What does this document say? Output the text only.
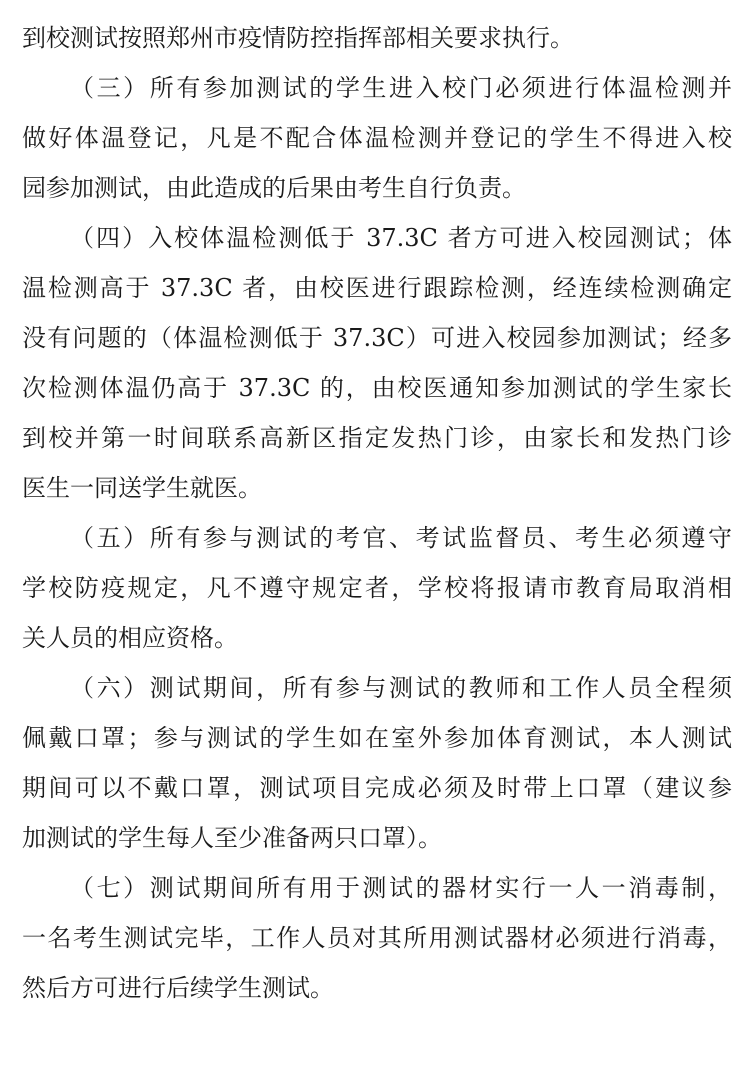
到校测试按照郑州市疫情防控指挥部相关要求执行。
（三）所有参加测试的学生进入校门必须进行体温检测并
做好体温登记，凡是不配合体温检测并登记的学生不得进入校
园参加测试，由此造成的后果由考生自行负责。
（四）入校体温检测低于 37.3C 者方可进入校园测试；体
温检测高于 37.3C 者，由校医进行跟踪检测，经连续检测确定
没有问题的（体温检测低于 37.3C）可进入校园参加测试；经多
次检测体温仍高于 37.3C 的，由校医通知参加测试的学生家长
到校并第一时间联系高新区指定发热门诊，由家长和发热门诊
医生一同送学生就医。
（五）所有参与测试的考官、考试监督员、考生必须遵守
学校防疫规定，凡不遵守规定者，学校将报请市教育局取消相
关人员的相应资格。
（六）测试期间，所有参与测试的教师和工作人员全程须
佩戴口罩；参与测试的学生如在室外参加体育测试，本人测试
期间可以不戴口罩，测试项目完成必须及时带上口罩（建议参
加测试的学生每人至少准备两只口罩）。
（七）测试期间所有用于测试的器材实行一人一消毒制，
一名考生测试完毕，工作人员对其所用测试器材必须进行消毒，
然后方可进行后续学生测试。
